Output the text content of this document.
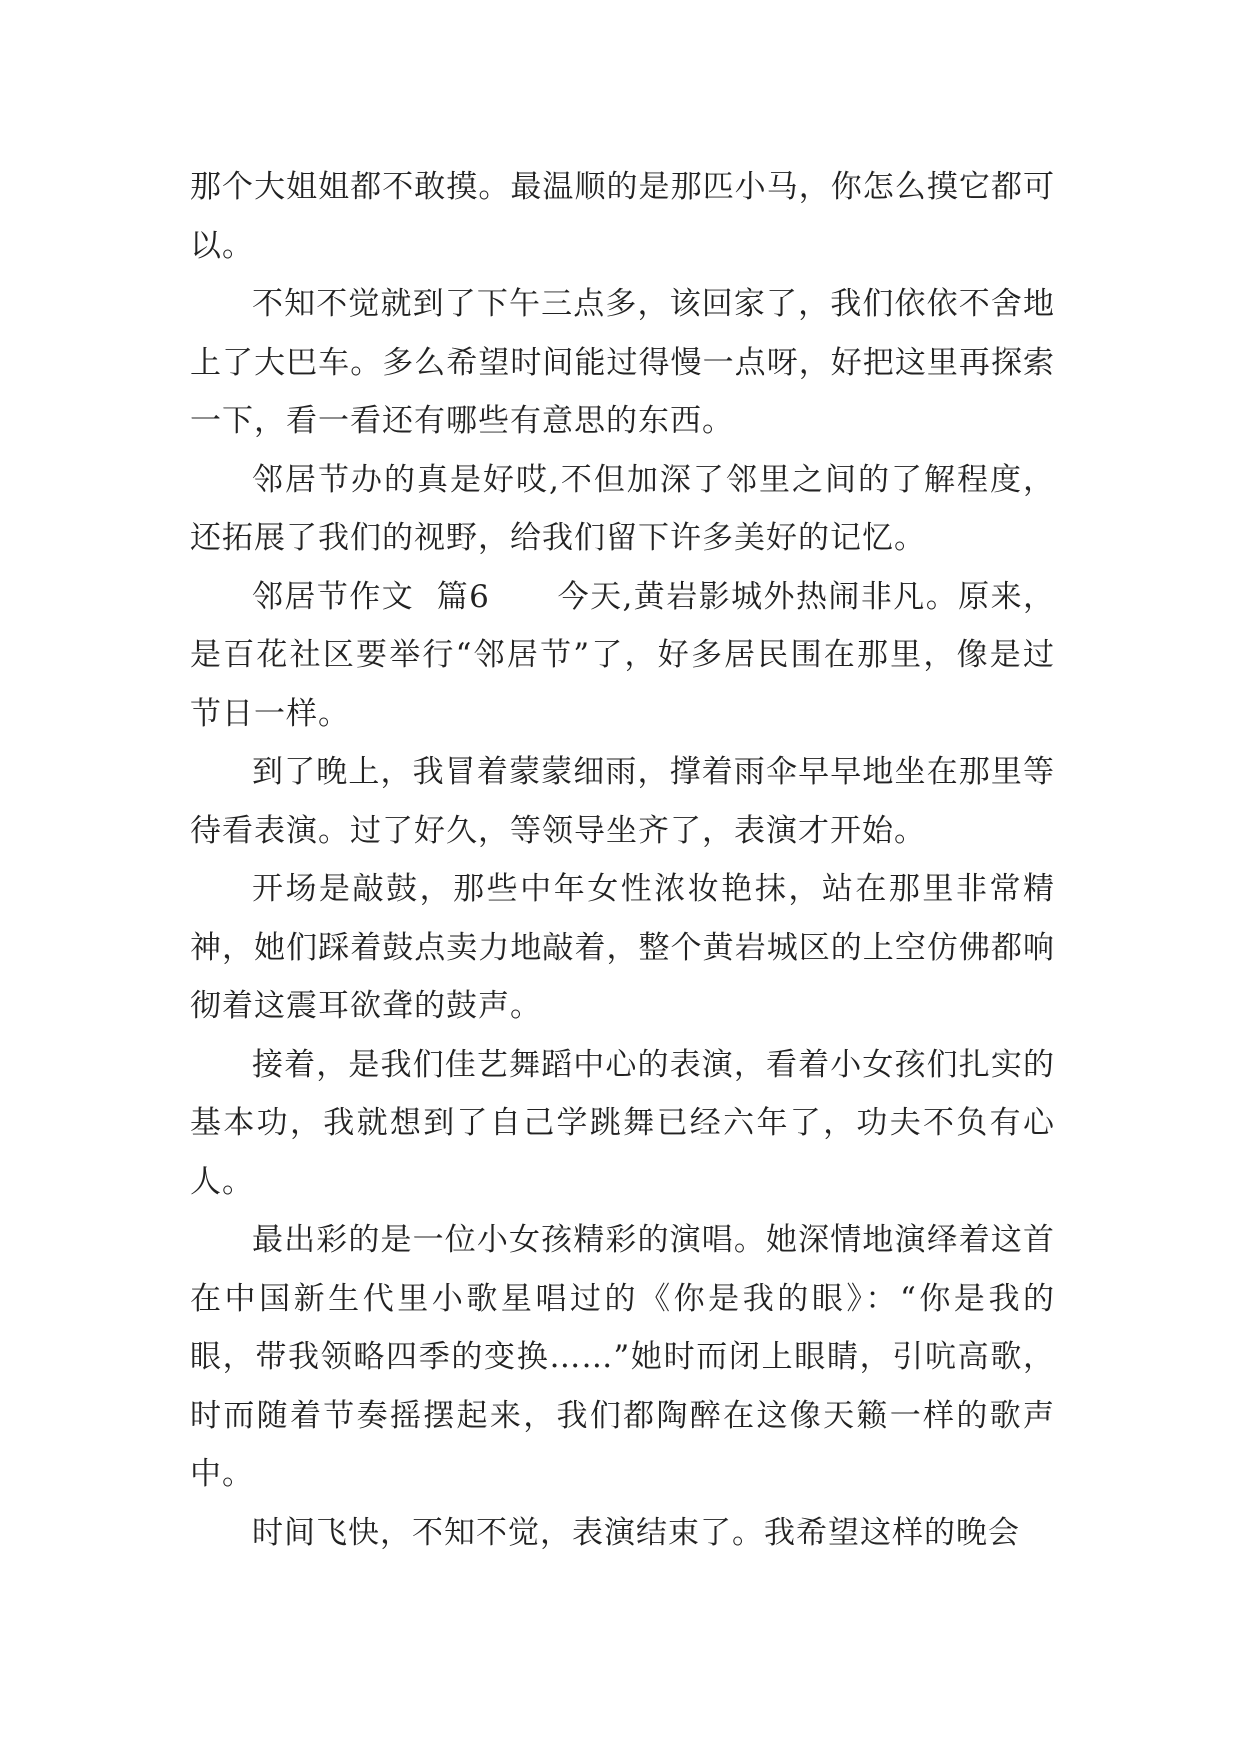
那个大姐姐都不敢摸。最温顺的是那匹小马，你怎么摸它都可以。

不知不觉就到了下午三点多，该回家了，我们依依不舍地上了大巴车。多么希望时间能过得慢一点呀，好把这里再探索一下，看一看还有哪些有意思的东西。

邻居节办的真是好哎,不但加深了邻里之间的了解程度，还拓展了我们的视野，给我们留下许多美好的记忆。

邻居节作文  篇6 今天,黄岩影城外热闹非凡。原来，是百花社区要举行“邻居节”了，好多居民围在那里，像是过节日一样。

到了晚上，我冒着蒙蒙细雨，撑着雨伞早早地坐在那里等待看表演。过了好久，等领导坐齐了，表演才开始。

开场是敲鼓，那些中年女性浓妆艳抹，站在那里非常精神，她们踩着鼓点卖力地敲着，整个黄岩城区的上空仿佛都响彻着这震耳欲聋的鼓声。

接着，是我们佳艺舞蹈中心的表演，看着小女孩们扎实的基本功，我就想到了自己学跳舞已经六年了，功夫不负有心人。

最出彩的是一位小女孩精彩的演唱。她深情地演绎着这首在中国新生代里小歌星唱过的《你是我的眼》：“你是我的眼，带我领略四季的变换……”她时而闭上眼睛，引吭高歌，时而随着节奏摇摆起来，我们都陶醉在这像天籁一样的歌声中。

时间飞快，不知不觉，表演结束了。我希望这样的晚会
